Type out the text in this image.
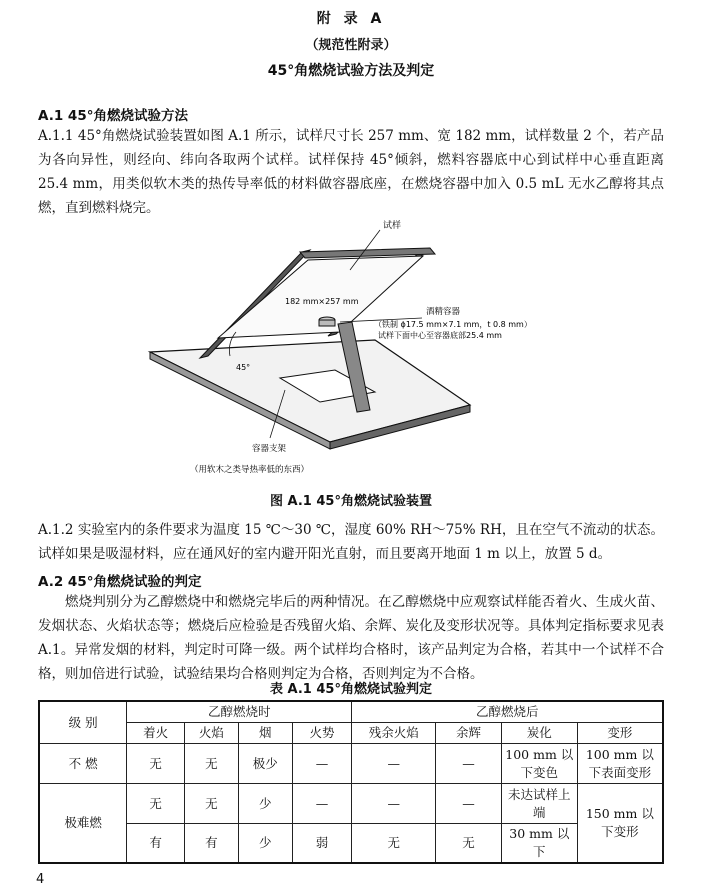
附 录 A
（规范性附录）
45°角燃烧试验方法及判定
A.1 45°角燃烧试验方法
A.1.1 45°角燃烧试验装置如图 A.1 所示，试样尺寸长 257 mm、宽 182 mm，试样数量 2 个，若产品为各向异性，则经向、纬向各取两个试样。试样保持 45°倾斜，燃料容器底中心到试样中心垂直距离 25.4 mm，用类似软木类的热传导率低的材料做容器底座，在燃烧容器中加入 0.5 mL 无水乙醇将其点燃，直到燃料烧完。
试样
182 mm×257 mm
酒精容器
（铁制 ϕ17.5 mm×7.1 mm，t 0.8 mm）
试样下面中心至容器底部25.4 mm
45°
容器支架
（用软木之类导热率低的东西）
图 A.1 45°角燃烧试验装置
A.1.2 实验室内的条件要求为温度 15 ℃～30 ℃，湿度 60% RH～75% RH，且在空气不流动的状态。试样如果是吸湿材料，应在通风好的室内避开阳光直射，而且要离开地面 1 m 以上，放置 5 d。
A.2 45°角燃烧试验的判定
燃烧判别分为乙醇燃烧中和燃烧完毕后的两种情况。在乙醇燃烧中应观察试样能否着火、生成火苗、发烟状态、火焰状态等；燃烧后应检验是否残留火焰、余辉、炭化及变形状况等。具体判定指标要求见表 A.1。异常发烟的材料，判定时可降一级。两个试样均合格时，该产品判定为合格，若其中一个试样不合格，则加倍进行试验，试验结果均合格则判定为合格，否则判定为不合格。
表 A.1 45°角燃烧试验判定
级 别	乙醇燃烧时				乙醇燃烧后			
	着火	火焰	烟	火势	残余火焰	余辉	炭化	变形
不 燃	无	无	极少	—	—	—	100 mm 以下变色	100 mm 以下表面变形
极难燃	无	无	少	—	—	—	未达试样上端	150 mm 以下变形
	有	有	少	弱	无	无	30 mm 以下	
4
